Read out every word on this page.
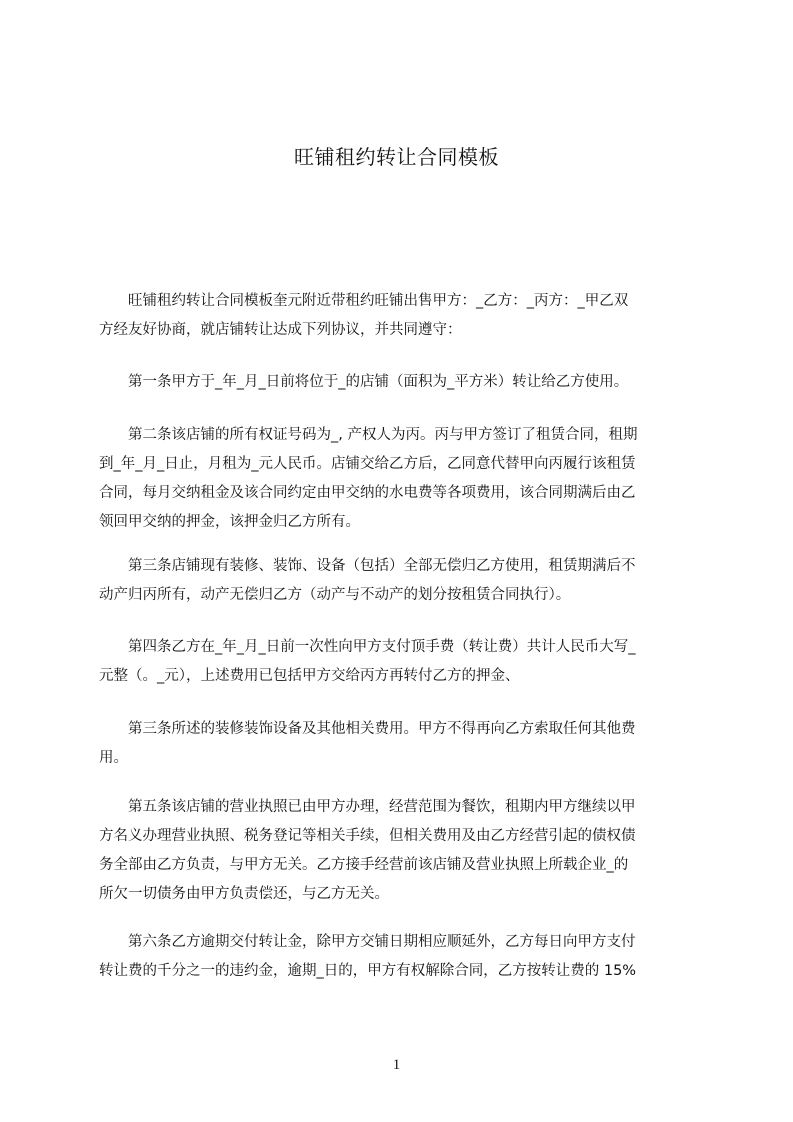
旺铺租约转让合同模板
旺铺租约转让合同模板奎元附近带租约旺铺出售甲方：_乙方：_丙方：_甲乙双
方经友好协商，就店铺转让达成下列协议，并共同遵守：
第一条甲方于_年_月_日前将位于_的店铺（面积为_平方米）转让给乙方使用。
第二条该店铺的所有权证号码为_, 产权人为丙。丙与甲方签订了租赁合同，租期
到_年_月_日止，月租为_元人民币。店铺交给乙方后，乙同意代替甲向丙履行该租赁
合同，每月交纳租金及该合同约定由甲交纳的水电费等各项费用，该合同期满后由乙
领回甲交纳的押金，该押金归乙方所有。
第三条店铺现有装修、装饰、设备（包括）全部无偿归乙方使用，租赁期满后不
动产归丙所有，动产无偿归乙方（动产与不动产的划分按租赁合同执行）。
第四条乙方在_年_月_日前一次性向甲方支付顶手费（转让费）共计人民币大写_
元整（。_元），上述费用已包括甲方交给丙方再转付乙方的押金、
第三条所述的装修装饰设备及其他相关费用。甲方不得再向乙方索取任何其他费
用。
第五条该店铺的营业执照已由甲方办理，经营范围为餐饮，租期内甲方继续以甲
方名义办理营业执照、税务登记等相关手续，但相关费用及由乙方经营引起的债权债
务全部由乙方负责，与甲方无关。乙方接手经营前该店铺及营业执照上所载企业_的
所欠一切债务由甲方负责偿还，与乙方无关。
第六条乙方逾期交付转让金，除甲方交铺日期相应顺延外，乙方每日向甲方支付
转让费的千分之一的违约金，逾期_日的，甲方有权解除合同，乙方按转让费的 15%
1
